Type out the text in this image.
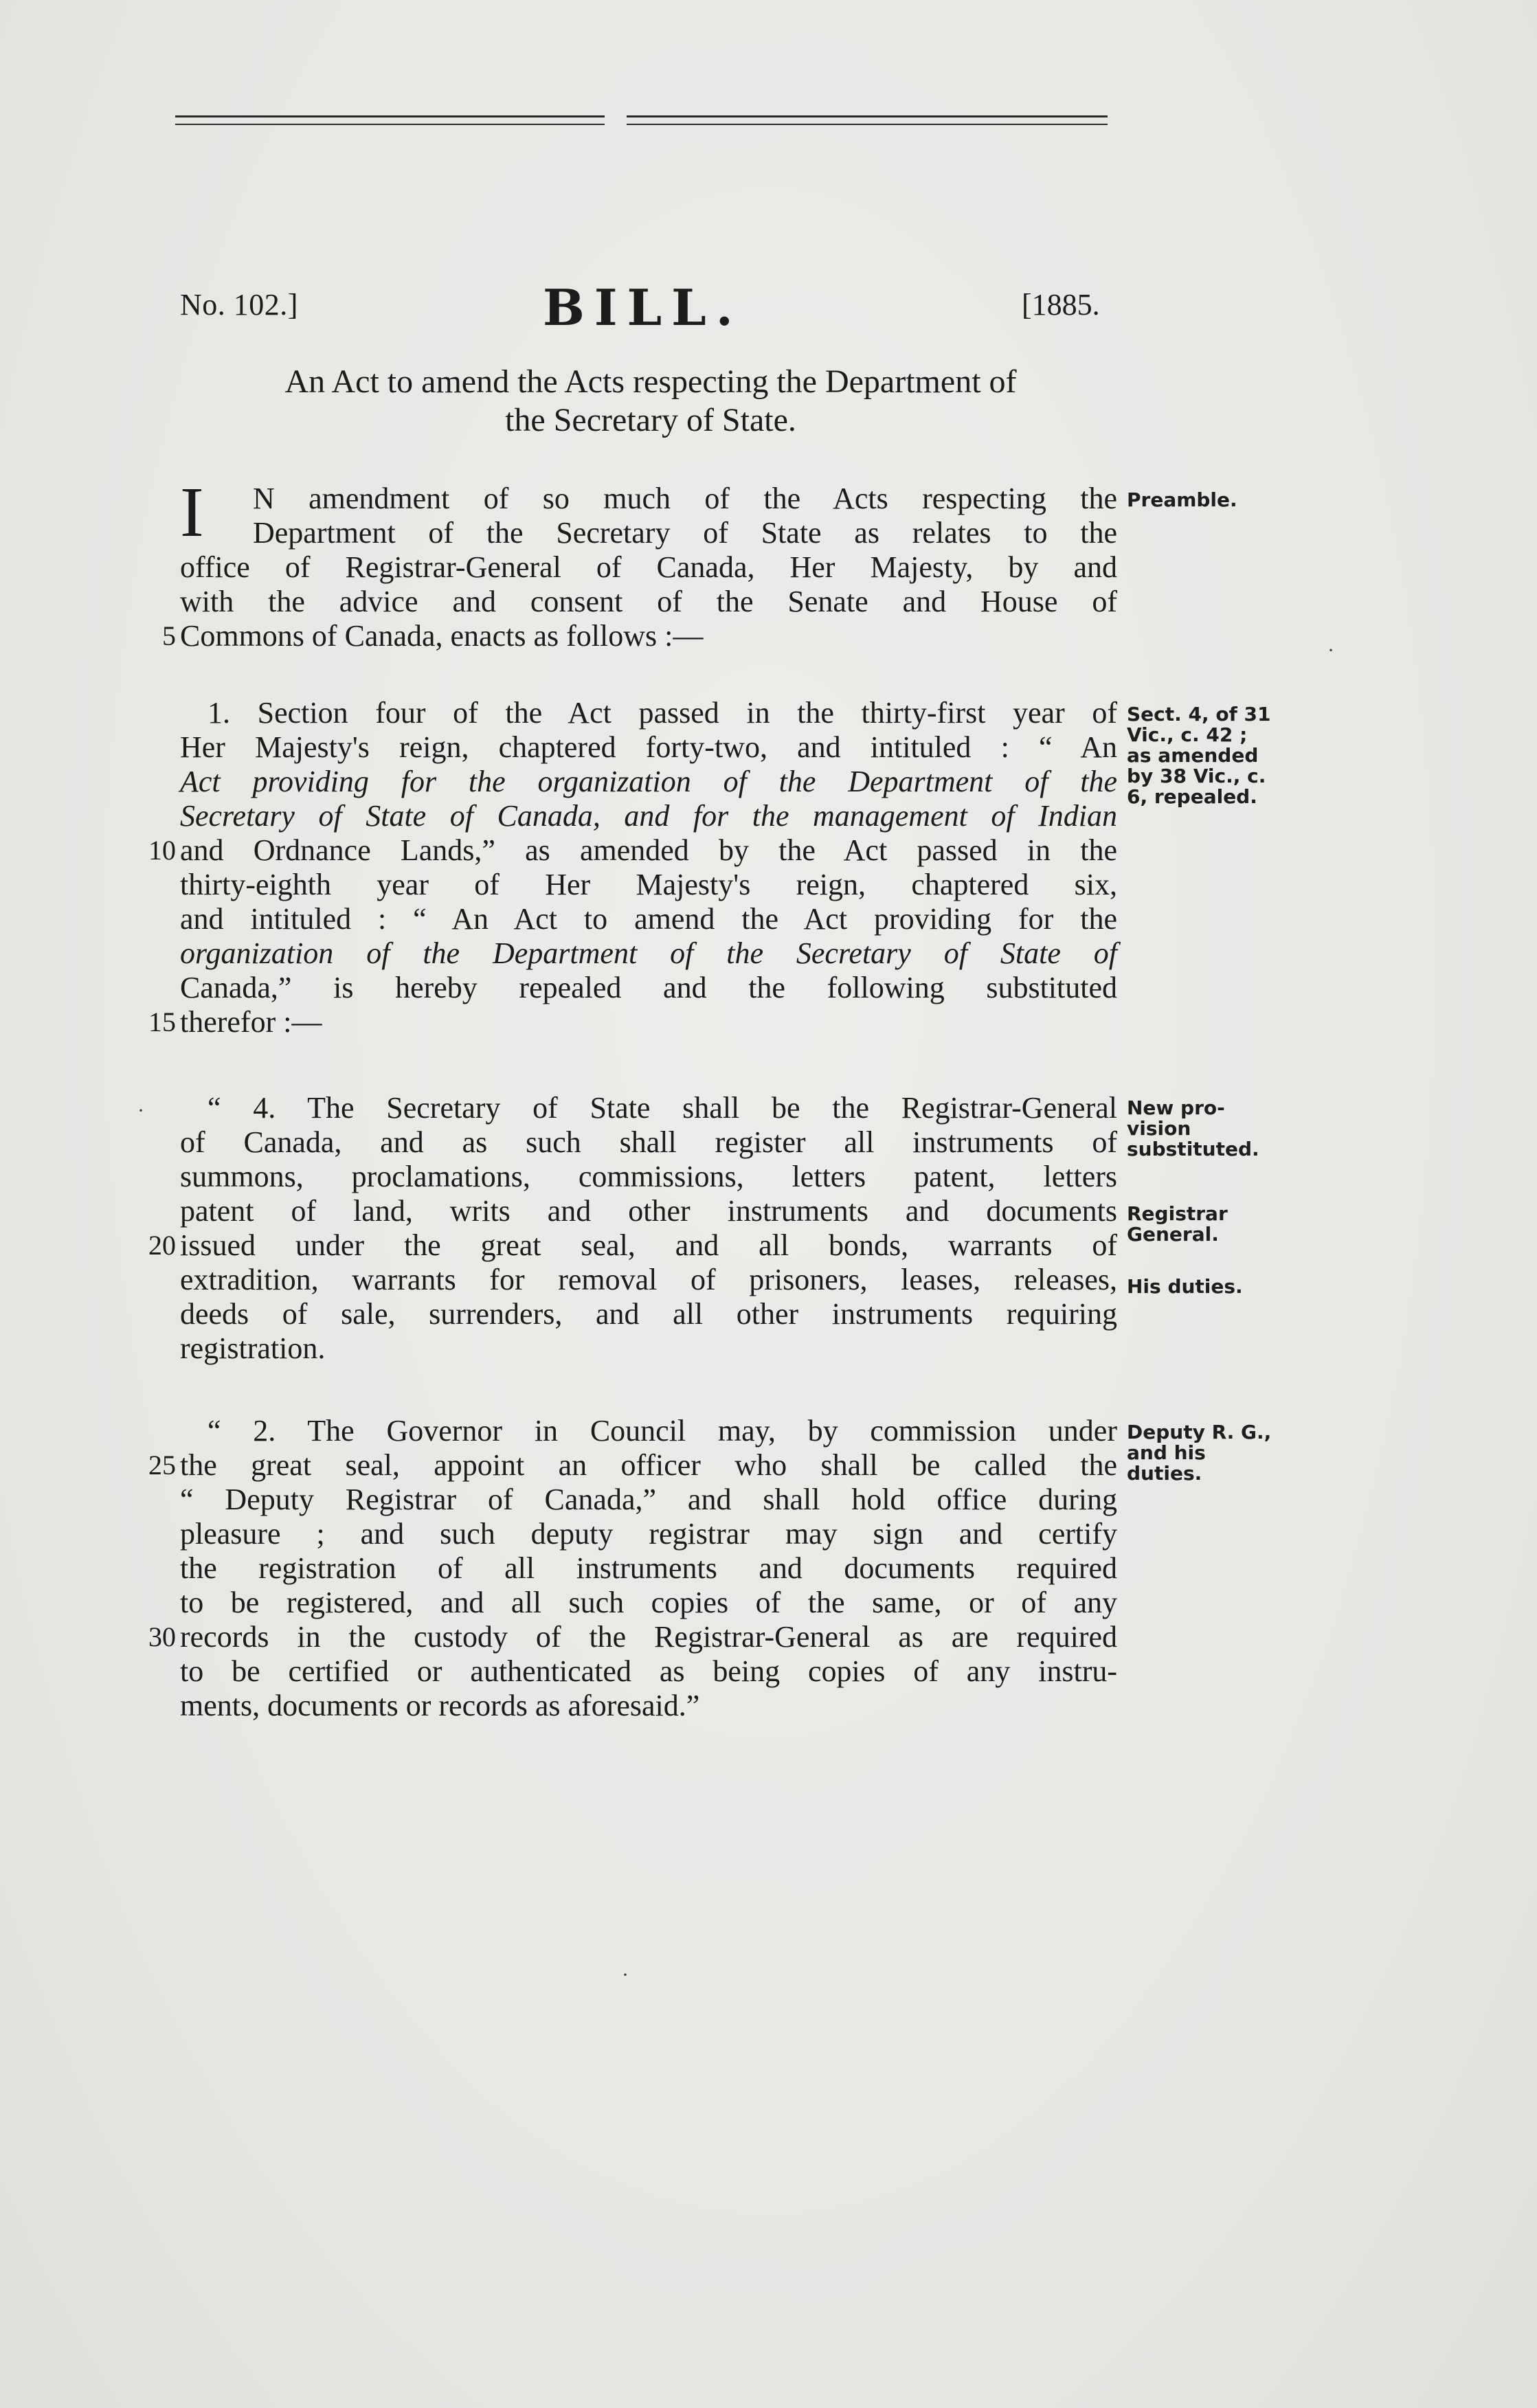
No. 102.]	BILL.	[1885.
An Act to amend the Acts respecting the Department of
the Secretary of State.
I N amendment of so much of the Acts respecting the
Department of the Secretary of State as relates to the
office of Registrar-General of Canada, Her Majesty, by and
with the advice and consent of the Senate and House of
Commons of Canada, enacts as follows :—
1. Section four of the Act passed in the thirty-first year of
Her Majesty's reign, chaptered forty-two, and intituled : “ An
Act providing for the organization of the Department of the
Secretary of State of Canada, and for the management of Indian
and Ordnance Lands,” as amended by the Act passed in the
thirty-eighth year of Her Majesty's reign, chaptered six,
and intituled : “ An Act to amend the Act providing for the
organization of the Department of the Secretary of State of
Canada,” is hereby repealed and the following substituted
therefor :—
“ 4. The Secretary of State shall be the Registrar-General
of Canada, and as such shall register all instruments of
summons, proclamations, commissions, letters patent, letters
patent of land, writs and other instruments and documents
issued under the great seal, and all bonds, warrants of
extradition, warrants for removal of prisoners, leases, releases,
deeds of sale, surrenders, and all other instruments requiring
registration.
“ 2. The Governor in Council may, by commission under
the great seal, appoint an officer who shall be called the
“ Deputy Registrar of Canada,” and shall hold office during
pleasure ; and such deputy registrar may sign and certify
the registration of all instruments and documents required
to be registered, and all such copies of the same, or of any
records in the custody of the Registrar-General as are required
to be certified or authenticated as being copies of any instru-
ments, documents or records as aforesaid.”
5
10
15
20
25
30
Preamble.
Sect. 4, of 31
Vic., c. 42 ;
as amended
by 38 Vic., c.
6, repealed.
New pro-
vision
substituted.
Registrar
General.
His duties.
Deputy R. G.,
and his
duties.
·
·
·
